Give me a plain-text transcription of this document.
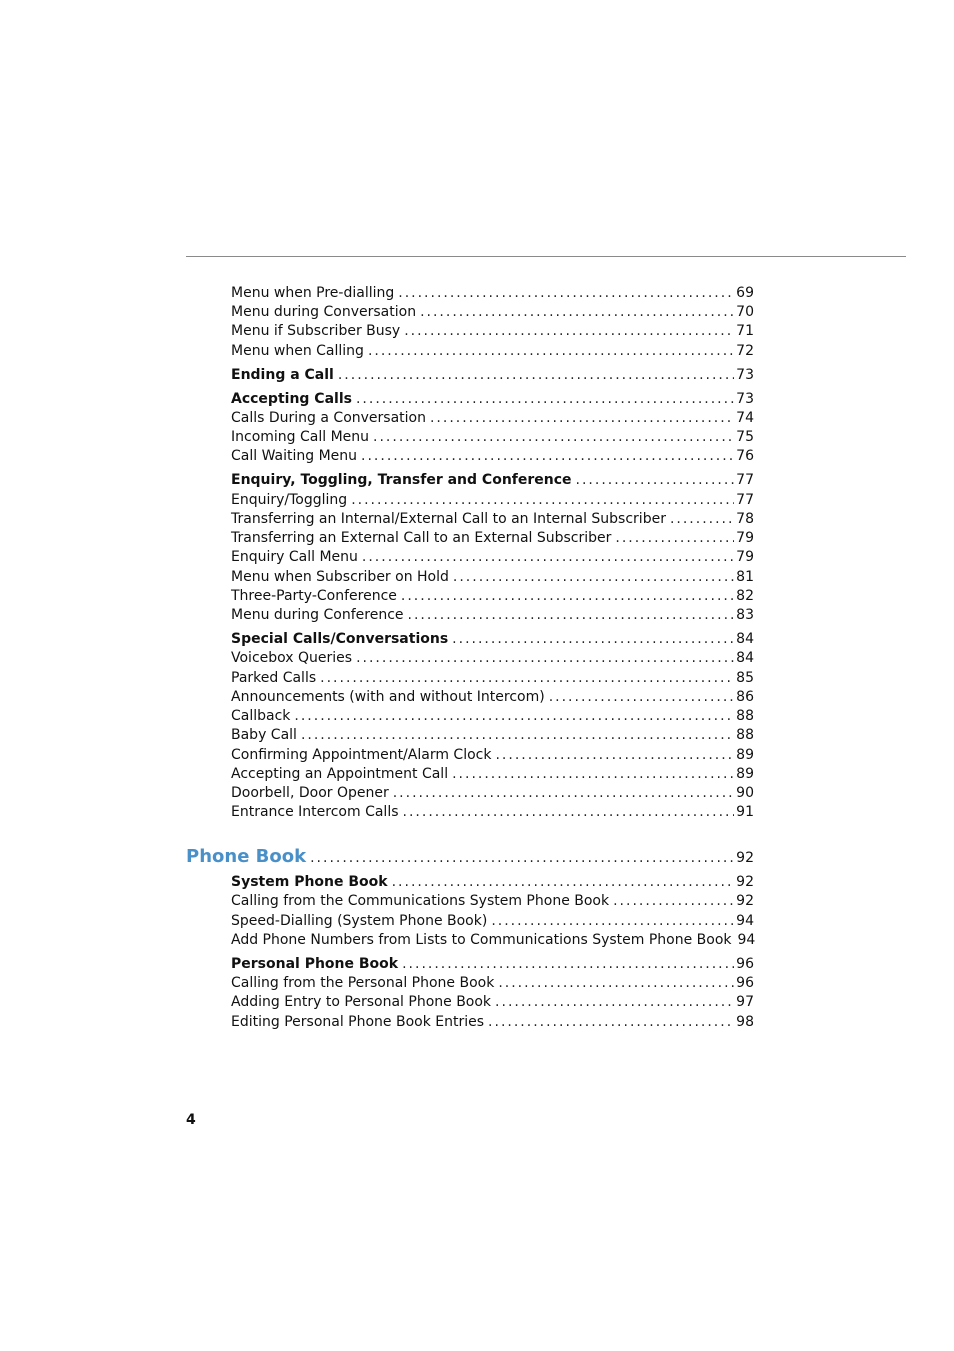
Menu when Pre-dialling .....	69
Menu during Conversation .....	70
Menu if Subscriber Busy .....	71
Menu when Calling .....	72
Ending a Call .....	73
Accepting Calls .....	73
Calls During a Conversation .....	74
Incoming Call Menu .....	75
Call Waiting Menu .....	76
Enquiry, Toggling, Transfer and Conference .....	77
Enquiry/Toggling .....	77
Transferring an Internal/External Call to an Internal Subscriber .....	78
Transferring an External Call to an External Subscriber .....	79
Enquiry Call Menu .....	79
Menu when Subscriber on Hold .....	81
Three-Party-Conference .....	82
Menu during Conference .....	83
Special Calls/Conversations .....	84
Voicebox Queries .....	84
Parked Calls .....	85
Announcements (with and without Intercom) .....	86
Callback .....	88
Baby Call .....	88
Confirming Appointment/Alarm Clock .....	89
Accepting an Appointment Call .....	89
Doorbell, Door Opener .....	90
Entrance Intercom Calls .....	91
Phone Book .....	92
System Phone Book .....	92
Calling from the Communications System Phone Book .....	92
Speed-Dialling (System Phone Book) .....	94
Add Phone Numbers from Lists to Communications System Phone Book 94
Personal Phone Book .....	96
Calling from the Personal Phone Book .....	96
Adding Entry to Personal Phone Book .....	97
Editing Personal Phone Book Entries .....	98
4
